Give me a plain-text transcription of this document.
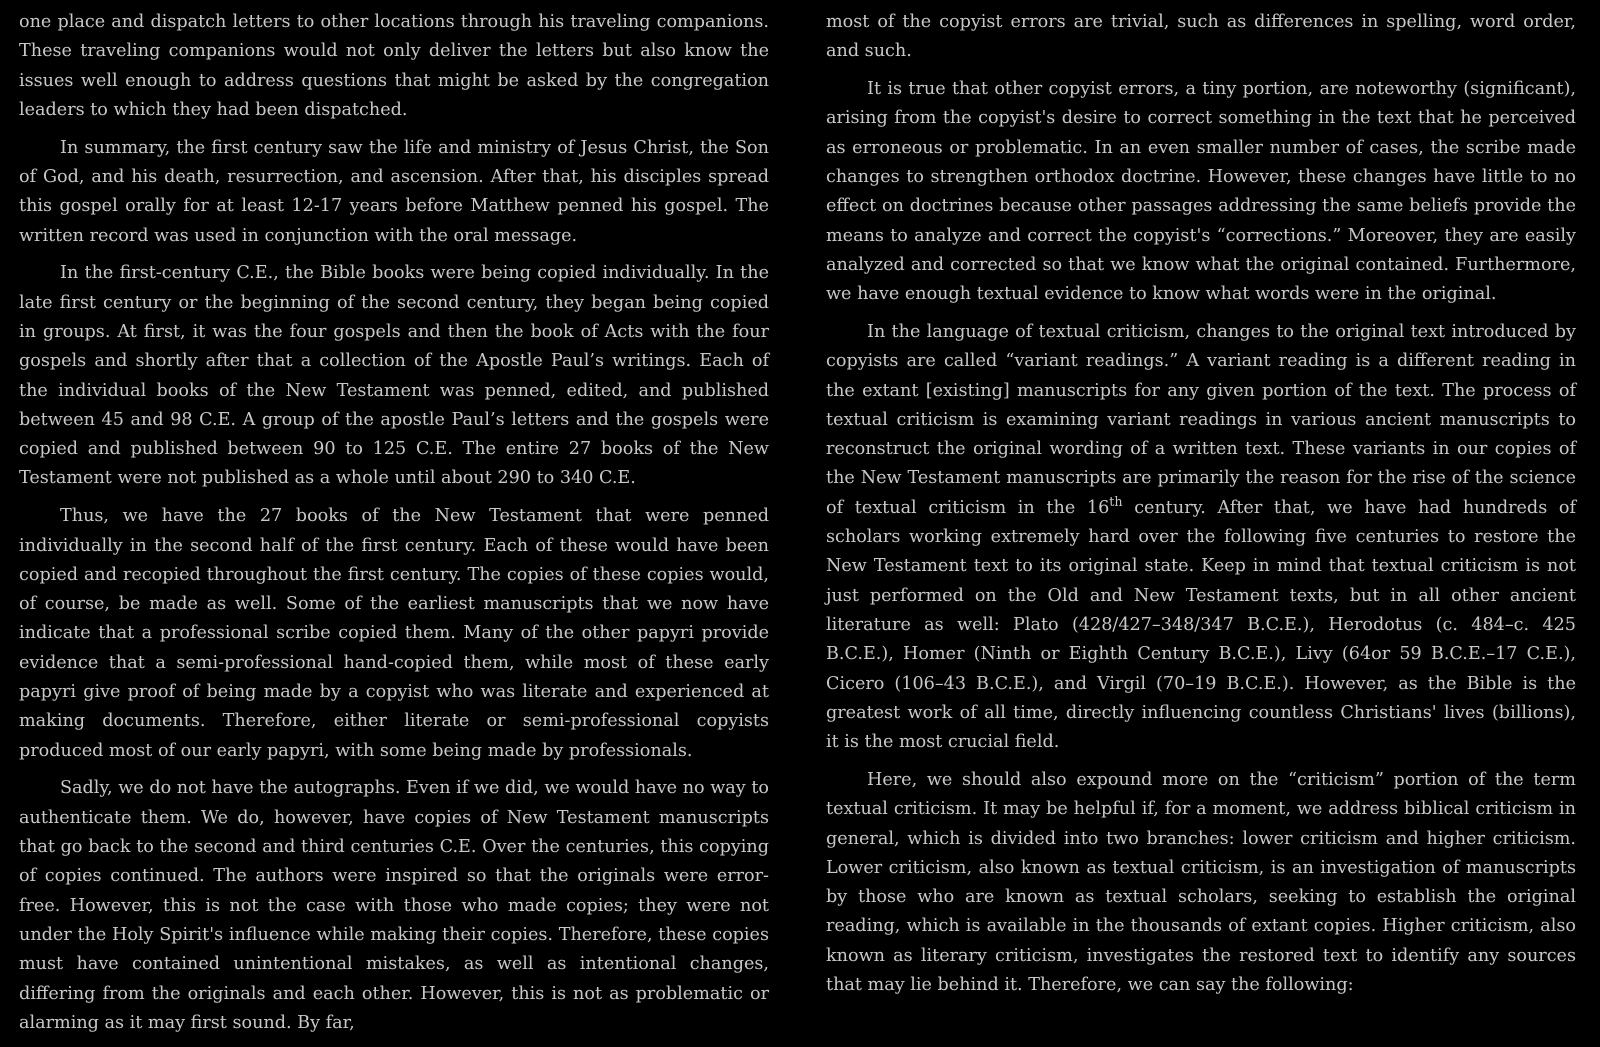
one place and dispatch letters to other locations through his traveling companions. These traveling companions would not only deliver the letters but also know the issues well enough to address questions that might be asked by the congregation leaders to which they had been dispatched.

In summary, the first century saw the life and ministry of Jesus Christ, the Son of God, and his death, resurrection, and ascension. After that, his disciples spread this gospel orally for at least 12-17 years before Matthew penned his gospel. The written record was used in conjunction with the oral message.

In the first-century C.E., the Bible books were being copied individually. In the late first century or the beginning of the second century, they began being copied in groups. At first, it was the four gospels and then the book of Acts with the four gospels and shortly after that a collection of the Apostle Paul’s writings. Each of the individual books of the New Testament was penned, edited, and published between 45 and 98 C.E. A group of the apostle Paul’s letters and the gospels were copied and published between 90 to 125 C.E. The entire 27 books of the New Testament were not published as a whole until about 290 to 340 C.E.

Thus, we have the 27 books of the New Testament that were penned individually in the second half of the first century. Each of these would have been copied and recopied throughout the first century. The copies of these copies would, of course, be made as well. Some of the earliest manuscripts that we now have indicate that a professional scribe copied them. Many of the other papyri provide evidence that a semi-professional hand-copied them, while most of these early papyri give proof of being made by a copyist who was literate and experienced at making documents. Therefore, either literate or semi-professional copyists produced most of our early papyri, with some being made by professionals.

Sadly, we do not have the autographs. Even if we did, we would have no way to authenticate them. We do, however, have copies of New Testament manuscripts that go back to the second and third centuries C.E. Over the centuries, this copying of copies continued. The authors were inspired so that the originals were error-free. However, this is not the case with those who made copies; they were not under the Holy Spirit's influence while making their copies. Therefore, these copies must have contained unintentional mistakes, as well as intentional changes, differing from the originals and each other. However, this is not as problematic or alarming as it may first sound. By far,

most of the copyist errors are trivial, such as differences in spelling, word order, and such.

It is true that other copyist errors, a tiny portion, are noteworthy (significant), arising from the copyist's desire to correct something in the text that he perceived as erroneous or problematic. In an even smaller number of cases, the scribe made changes to strengthen orthodox doctrine. However, these changes have little to no effect on doctrines because other passages addressing the same beliefs provide the means to analyze and correct the copyist's “corrections.” Moreover, they are easily analyzed and corrected so that we know what the original contained. Furthermore, we have enough textual evidence to know what words were in the original.

In the language of textual criticism, changes to the original text introduced by copyists are called “variant readings.” A variant reading is a different reading in the extant [existing] manuscripts for any given portion of the text. The process of textual criticism is examining variant readings in various ancient manuscripts to reconstruct the original wording of a written text. These variants in our copies of the New Testament manuscripts are primarily the reason for the rise of the science of textual criticism in the 16th century. After that, we have had hundreds of scholars working extremely hard over the following five centuries to restore the New Testament text to its original state. Keep in mind that textual criticism is not just performed on the Old and New Testament texts, but in all other ancient literature as well: Plato (428/427–348/347 B.C.E.), Herodotus (c. 484–c. 425 B.C.E.), Homer (Ninth or Eighth Century B.C.E.), Livy (64or 59 B.C.E.–17 C.E.), Cicero (106–43 B.C.E.), and Virgil (70–19 B.C.E.). However, as the Bible is the greatest work of all time, directly influencing countless Christians' lives (billions), it is the most crucial field.

Here, we should also expound more on the “criticism” portion of the term textual criticism. It may be helpful if, for a moment, we address biblical criticism in general, which is divided into two branches: lower criticism and higher criticism. Lower criticism, also known as textual criticism, is an investigation of manuscripts by those who are known as textual scholars, seeking to establish the original reading, which is available in the thousands of extant copies. Higher criticism, also known as literary criticism, investigates the restored text to identify any sources that may lie behind it. Therefore, we can say the following:
